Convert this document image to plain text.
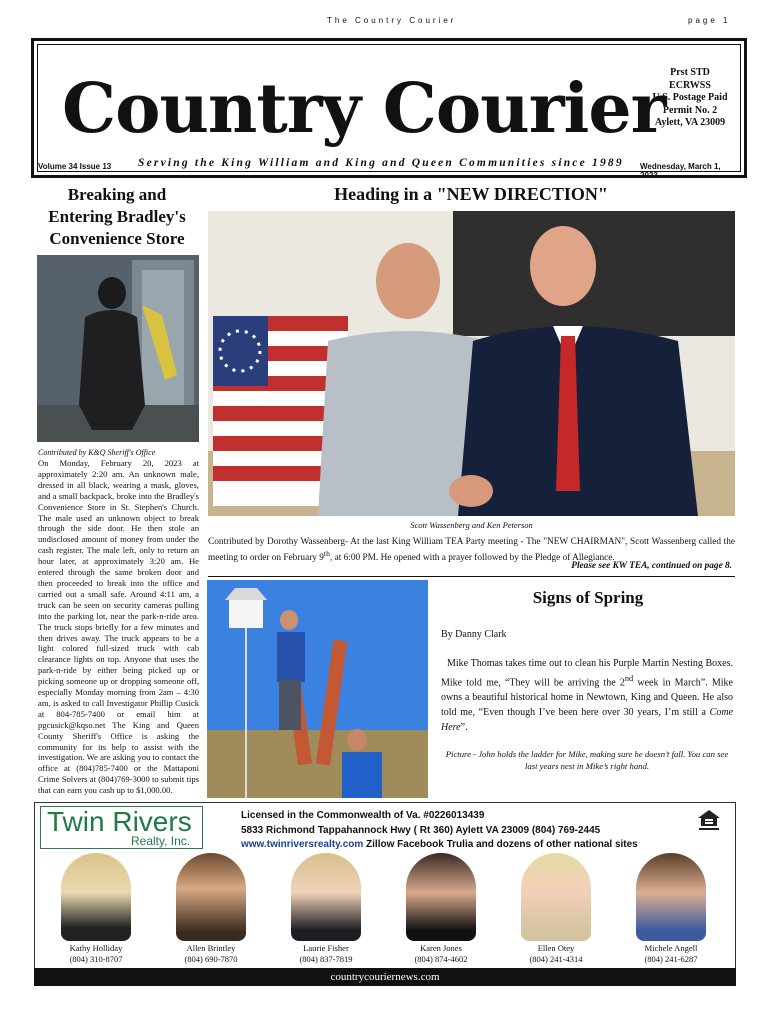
The Country Courier	page 1
Country Courier Prst STD
ECRWSS
U.S. Postage Paid
Permit No. 2
Aylett, VA 23009
Volume 34 Issue 13 Serving the King William and King and Queen Communities since 1989 Wednesday, March 1, 2023
Breaking and Entering Bradley's Convenience Store
Contributed by K&Q Sheriff's Office
On Monday, February 20, 2023 at approximately 2:20 am. An unknown male, dressed in all black, wearing a mask, gloves, and a small backpack, broke into the Bradley's Convenience Store in St. Stephen's Church. The male used an unknown object to break through the side door. He then stole an undisclosed amount of money from under the cash register. The male left, only to return an hour later, at approximately 3:20 am. He entered through the same broken door and then proceeded to break into the office and carried out a small safe. Around 4:11 am, a truck can be seen on security cameras pulling into the parking lot, near the park-n-ride area. The truck stops briefly for a few minutes and then drives away. The truck appears to be a light colored full-sized truck with cab clearance lights on top. Anyone that uses the park-n-ride by either being picked up or picking someone up or dropping someone off, especially Monday morning from 2am – 4:30 am, is asked to call Investigator Phillip Cusick at 804-785-7400 or email him at pgcusick@kqso.net The King and Queen County Sheriff's Office is asking the community for its help to assist with the investigation. We are asking you to contact the office at (804)785-7400 or the Mattaponi Crime Solvers at (804)769-3000 to submit tips that can earn you cash up to $1,000.00.
Heading in a "NEW DIRECTION"
Scott Wassenberg and Ken Peterson
Contributed by Dorothy Wassenberg- At the last King William TEA Party meeting - The "NEW CHAIRMAN", Scott Wassenberg called the meeting to order on February 9th, at 6:00 PM. He opened with a prayer followed by the Pledge of Allegiance.
Please see KW TEA, continued on page 8.
Signs of Spring
By Danny Clark
Mike Thomas takes time out to clean his Purple Martin Nesting Boxes. Mike told me, “They will be arriving the 2nd week in March”. Mike owns a beautiful historical home in Newtown, King and Queen. He also told me, “Even though I’ve been here over 30 years, I’m still a Come Here”.
Picture - John holds the ladder for Mike, making sure he doesn’t fall. You can see last years nest in Mike’s right hand.
Twin Rivers
Realty, Inc.
Licensed in the Commonwealth of Va. #0226013439
5833 Richmond Tappahannock Hwy ( Rt 360) Aylett VA 23009 (804) 769-2445
www.twinriversrealty.com Zillow Facebook Trulia and dozens of other national sites
Kathy Holliday
(804) 310-8707
Allen Brintley
(804) 690-7870
Laurie Fisher
(804) 837-7819
Karen Jones
(804) 874-4602
Ellen Otey
(804) 241-4314
Michele Angell
(804) 241-6287
countrycouriernews.com
